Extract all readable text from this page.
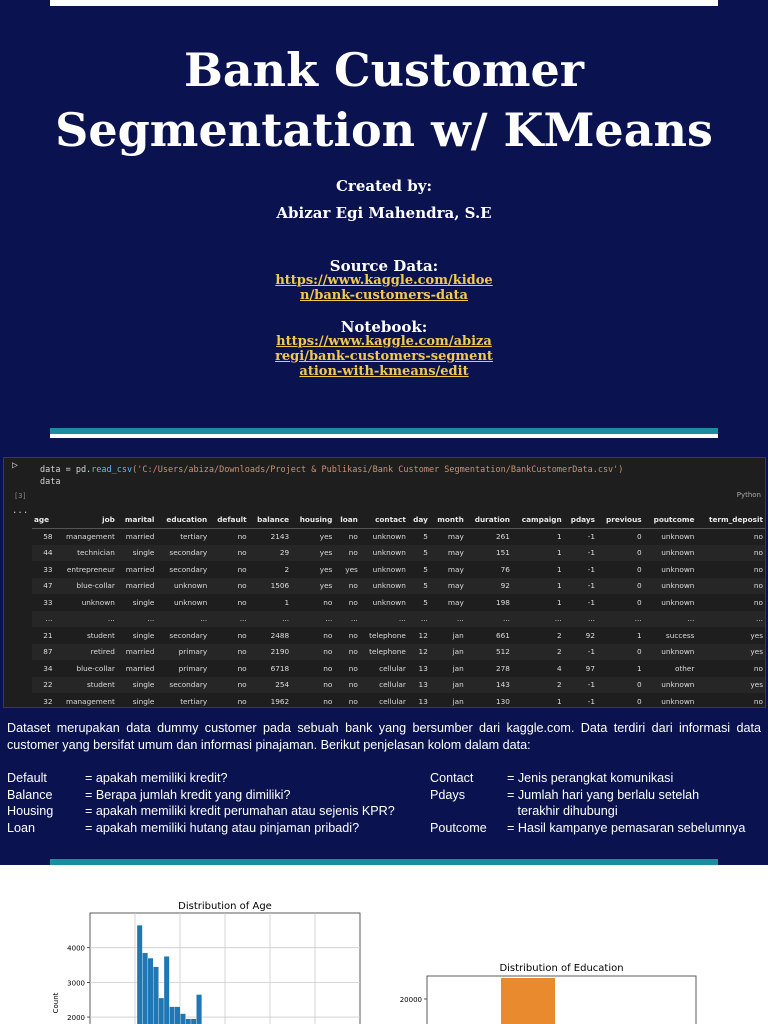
Bank Customer
Segmentation w/ KMeans
Created by:
Abizar Egi Mahendra, S.E
Source Data:
https://www.kaggle.com/kidoe
n/bank-customers-data
Notebook:
https://www.kaggle.com/abiza
regi/bank-customers-segment
ation-with-kmeans/edit
▷	data = pd.read_csv('C:/Users/abiza/Downloads/Project & Publikasi/Bank Customer Segmentation/BankCustomerData.csv')
data
[3]	Python
...
age	job	marital	education	default	balance	housing	loan	contact	day	month	duration	campaign	pdays	previous	poutcome	term_deposit
58	management	married	tertiary	no	2143	yes	no	unknown	5	may	261	1	-1	0	unknown	no
44	technician	single	secondary	no	29	yes	no	unknown	5	may	151	1	-1	0	unknown	no
33	entrepreneur	married	secondary	no	2	yes	yes	unknown	5	may	76	1	-1	0	unknown	no
47	blue-collar	married	unknown	no	1506	yes	no	unknown	5	may	92	1	-1	0	unknown	no
33	unknown	single	unknown	no	1	no	no	unknown	5	may	198	1	-1	0	unknown	no
...	...	...	...	...	...	...	...	...	...	...	...	...	...	...	...	...
21	student	single	secondary	no	2488	no	no	telephone	12	jan	661	2	92	1	success	yes
87	retired	married	primary	no	2190	no	no	telephone	12	jan	512	2	-1	0	unknown	yes
34	blue-collar	married	primary	no	6718	no	no	cellular	13	jan	278	4	97	1	other	no
22	student	single	secondary	no	254	no	no	cellular	13	jan	143	2	-1	0	unknown	yes
32	management	single	tertiary	no	1962	no	no	cellular	13	jan	130	1	-1	0	unknown	no
Dataset merupakan data dummy customer pada sebuah bank yang bersumber dari kaggle.com. Data terdiri dari informasi data customer yang bersifat umum dan informasi pinajaman. Berikut penjelasan kolom dalam data:
Default	= apakah memiliki kredit?
Balance	= Berapa jumlah kredit yang dimiliki?
Housing	= apakah memiliki kredit perumahan atau sejenis KPR?
Loan	= apakah memiliki hutang atau pinjaman pribadi?
Contact	= Jenis perangkat komunikasi
Pdays	= Jumlah hari yang berlalu setelah
terakhir dihubungi
Poutcome = Hasil kampanye pemasaran sebelumnya
Distribution of Age
2000
3000
4000
Count
Distribution of Education
20000
